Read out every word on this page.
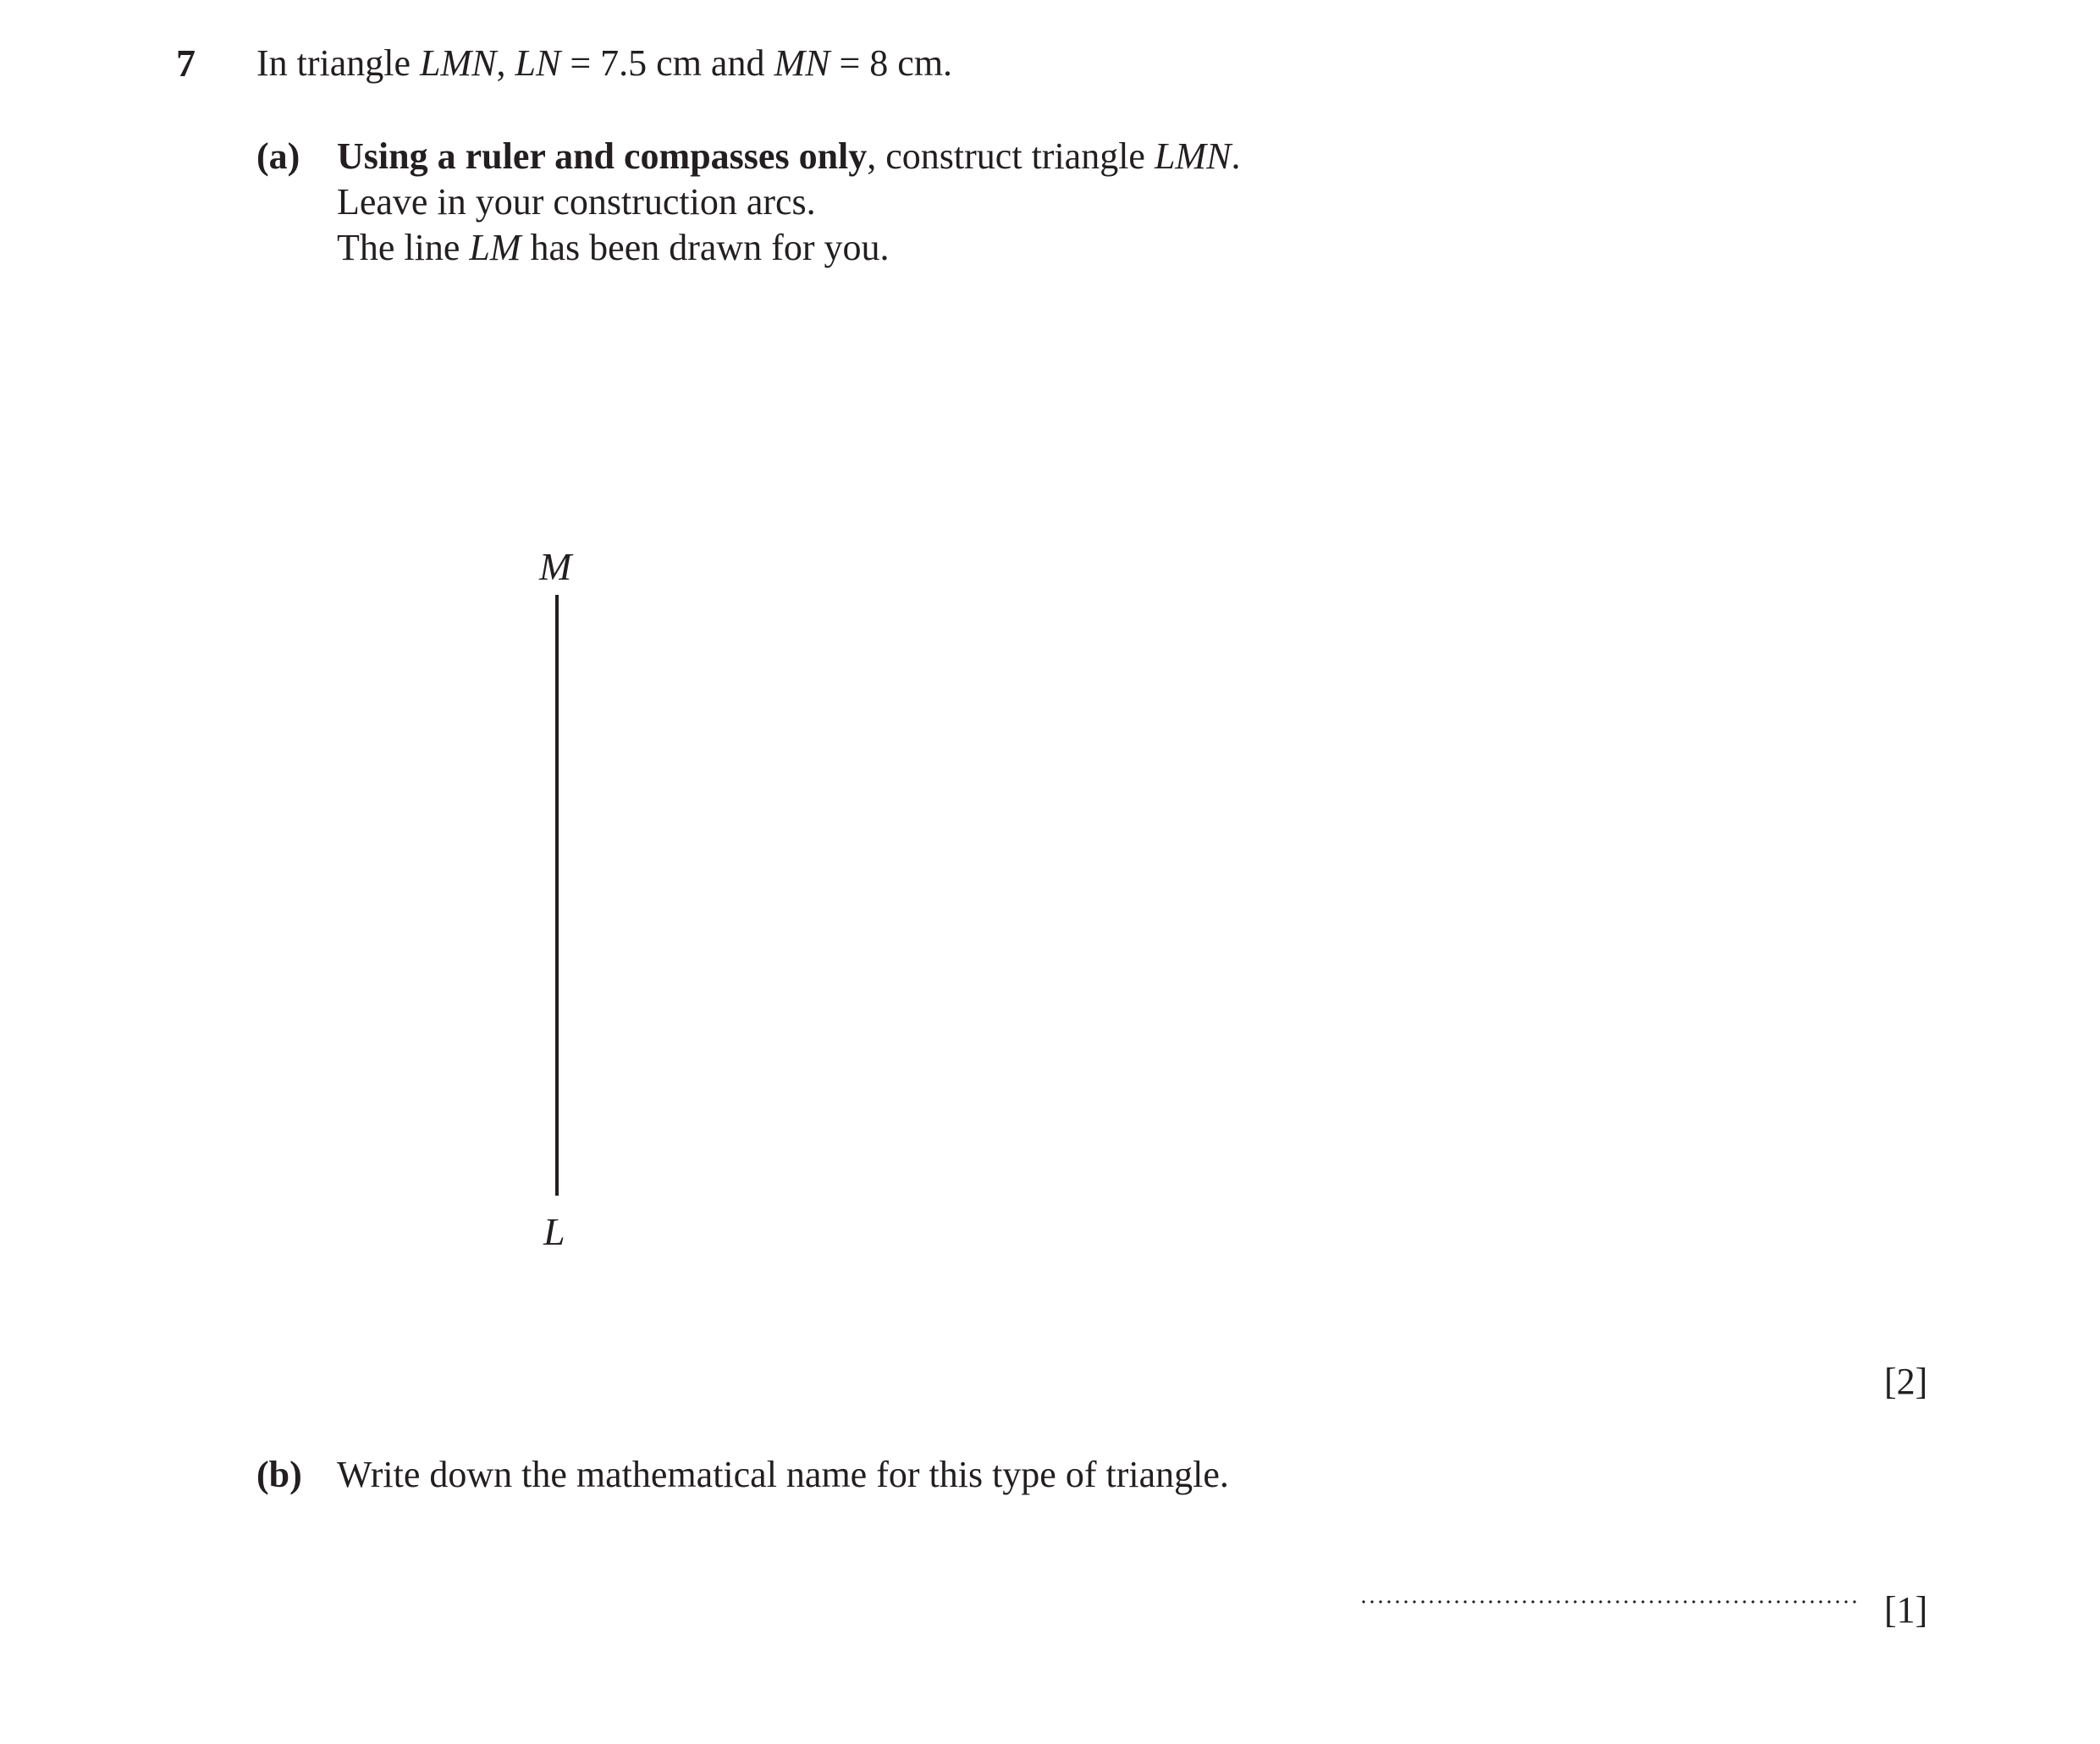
7 In triangle LMN, LN = 7.5 cm and MN = 8 cm.
(a) Using a ruler and compasses only, construct triangle LMN.
Leave in your construction arcs.
The line LM has been drawn for you.
M
L
[2]
(b) Write down the mathematical name for this type of triangle.
[1]
